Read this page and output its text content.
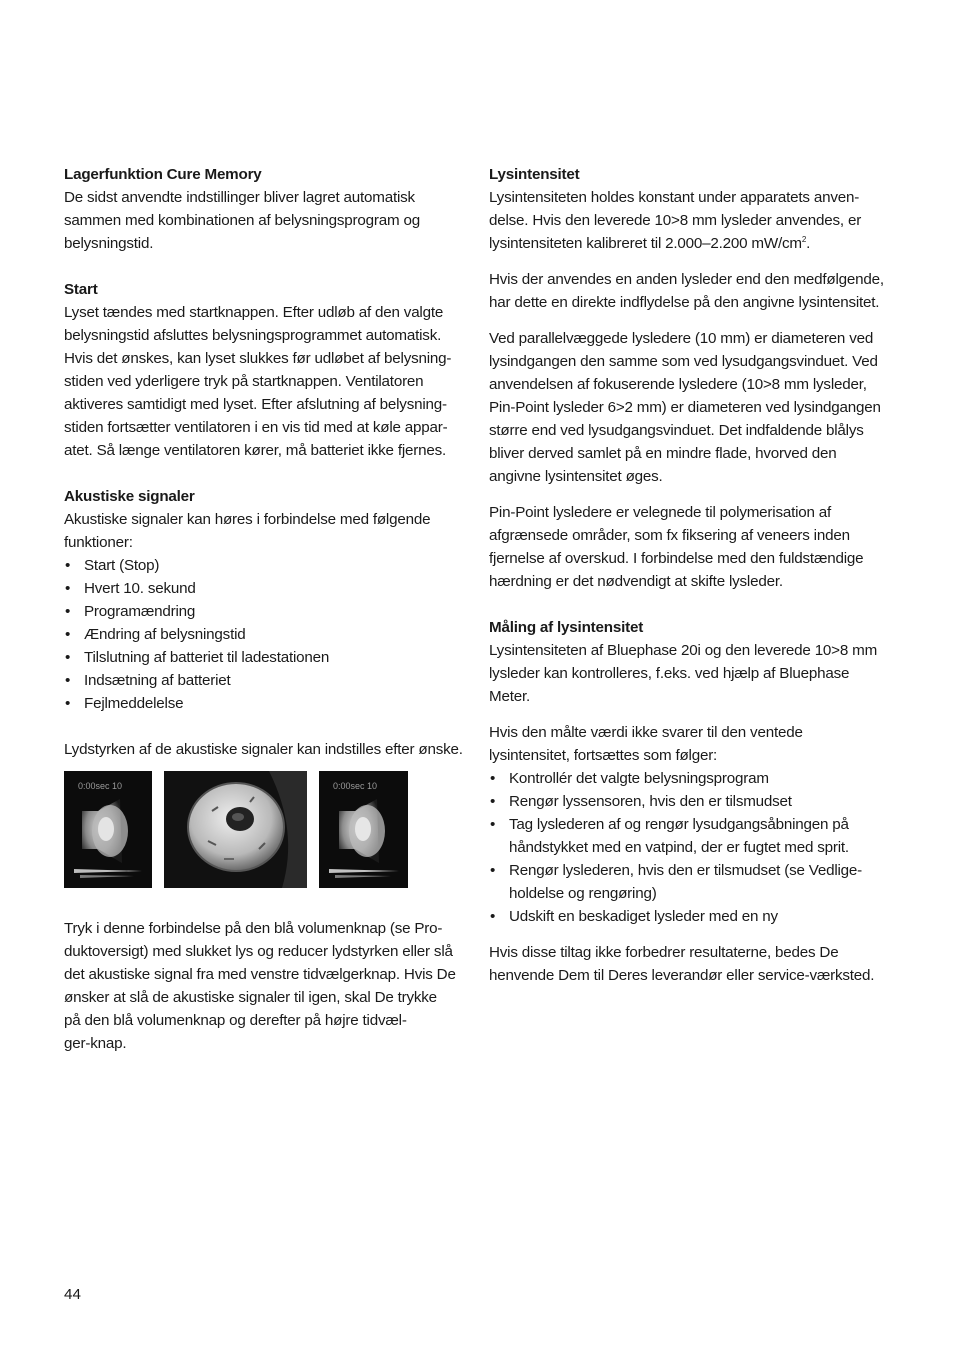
Lagerfunktion Cure Memory

De sidst anvendte indstillinger bliver lagret automatisk
sammen med kombinationen af belysningsprogram og
belysningstid.

Start

Lyset tændes med startknappen. Efter udløb af den valgte
belysningstid afsluttes belysningsprogrammet automatisk.
Hvis det ønskes, kan lyset slukkes før udløbet af belysning-
stiden ved yderligere tryk på startknappen. Ventilatoren
aktiveres samtidigt med lyset. Efter afslutning af belysning-
stiden fortsætter ventilatoren i en vis tid med at køle appar-
atet. Så længe ventilatoren kører, må batteriet ikke fjernes.

Akustiske signaler

Akustiske signaler kan høres i forbindelse med følgende
funktioner:

• Start (Stop)
• Hvert 10. sekund
• Programændring
• Ændring af belysningstid
• Tilslutning af batteriet til ladestationen
• Indsætning af batteriet
• Fejlmeddelelse

Lydstyrken af de akustiske signaler kan indstilles efter ønske.

0:00sec 10	0:00sec 10

Tryk i denne forbindelse på den blå volumenknap (se Pro-
duktoversigt) med slukket lys og reducer lydstyrken eller slå
det akustiske signal fra med venstre tidvælgerknap. Hvis De
ønsker at slå de akustiske signaler til igen, skal De trykke
på den blå volumenknap og derefter på højre tidvæl-
ger-knap.

Lysintensitet

Lysintensiteten holdes konstant under apparatets anven-
delse. Hvis den leverede 10>8 mm lysleder anvendes, er
lysintensiteten kalibreret til 2.000–2.200 $mW/cm^2$.

Hvis der anvendes en anden lysleder end den medfølgende,
har dette en direkte indflydelse på den angivne lysintensitet.

Ved parallelvæggede lysledere (10 mm) er diameteren ved
lysindgangen den samme som ved lysudgangsvinduet. Ved
anvendelsen af fokuserende lysledere (10>8 mm lysleder,
Pin-Point lysleder 6>2 mm) er diameteren ved lysindgangen
større end ved lysudgangsvinduet. Det indfaldende blålys
bliver derved samlet på en mindre flade, hvorved den
angivne lysintensitet øges.

Pin-Point lysledere er velegnede til polymerisation af
afgrænsede områder, som fx fiksering af veneers inden
fjernelse af overskud. I forbindelse med den fuldstændige
hærdning er det nødvendigt at skifte lysleder.

Måling af lysintensitet

Lysintensiteten af Bluephase 20i og den leverede 10>8 mm
lysleder kan kontrolleres, f.eks. ved hjælp af Bluephase
Meter.

Hvis den målte værdi ikke svarer til den ventede
lysintensitet, fortsættes som følger:

• Kontrollér det valgte belysningsprogram
• Rengør lyssensoren, hvis den er tilsmudset
• Tag lyslederen af og rengør lysudgangsåbningen på
håndstykket med en vatpind, der er fugtet med sprit.
• Rengør lyslederen, hvis den er tilsmudset (se Vedlige-
holdelse og rengøring)
• Udskift en beskadiget lysleder med en ny

Hvis disse tiltag ikke forbedrer resultaterne, bedes De
henvende Dem til Deres leverandør eller service-værksted.

44
